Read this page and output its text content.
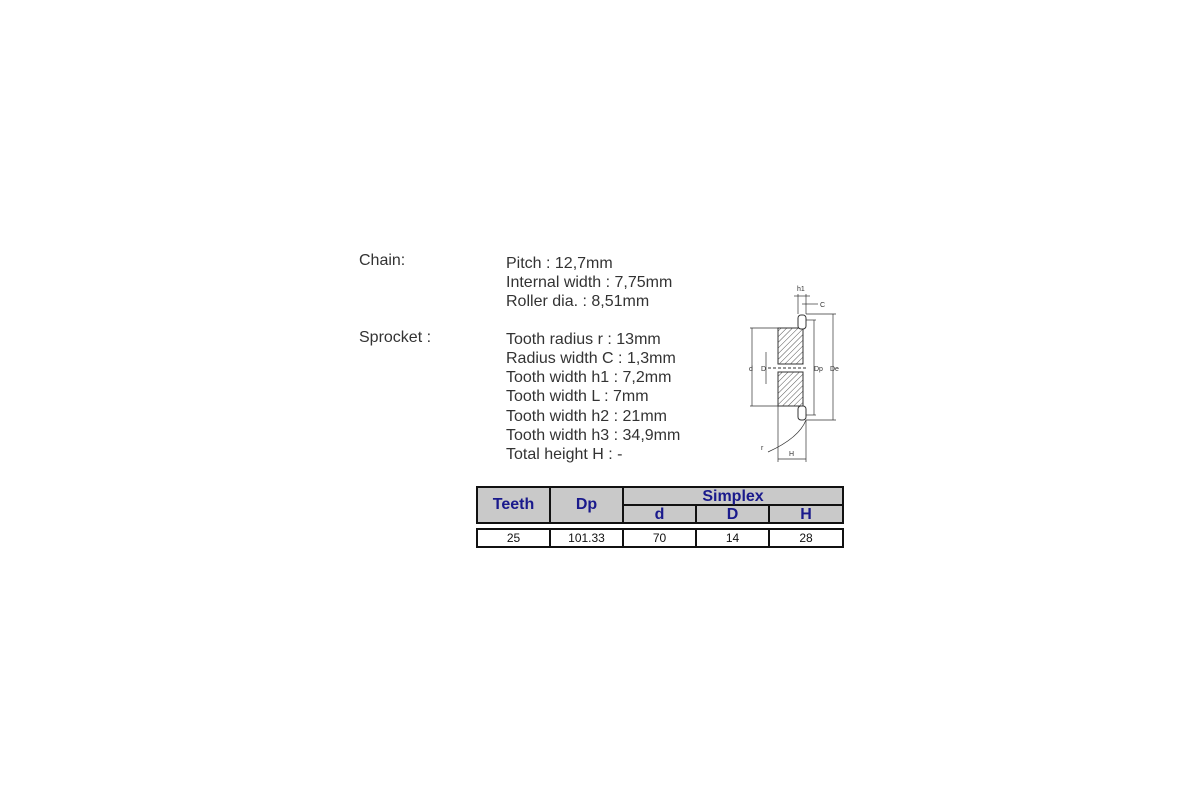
Chain:	Pitch : 12,7mm
Internal width : 7,75mm
Roller dia. : 8,51mm
Sprocket :	Tooth radius r : 13mm
Radius width C : 1,3mm
Tooth width h1 : 7,2mm
Tooth width L : 7mm
Tooth width h2 : 21mm
Tooth width h3 : 34,9mm
Total height H : -
h1
C
d D	Dp De
r
H
Teeth	Dp	Simplex		
		d	D	H

25	101.33	70	14	28
